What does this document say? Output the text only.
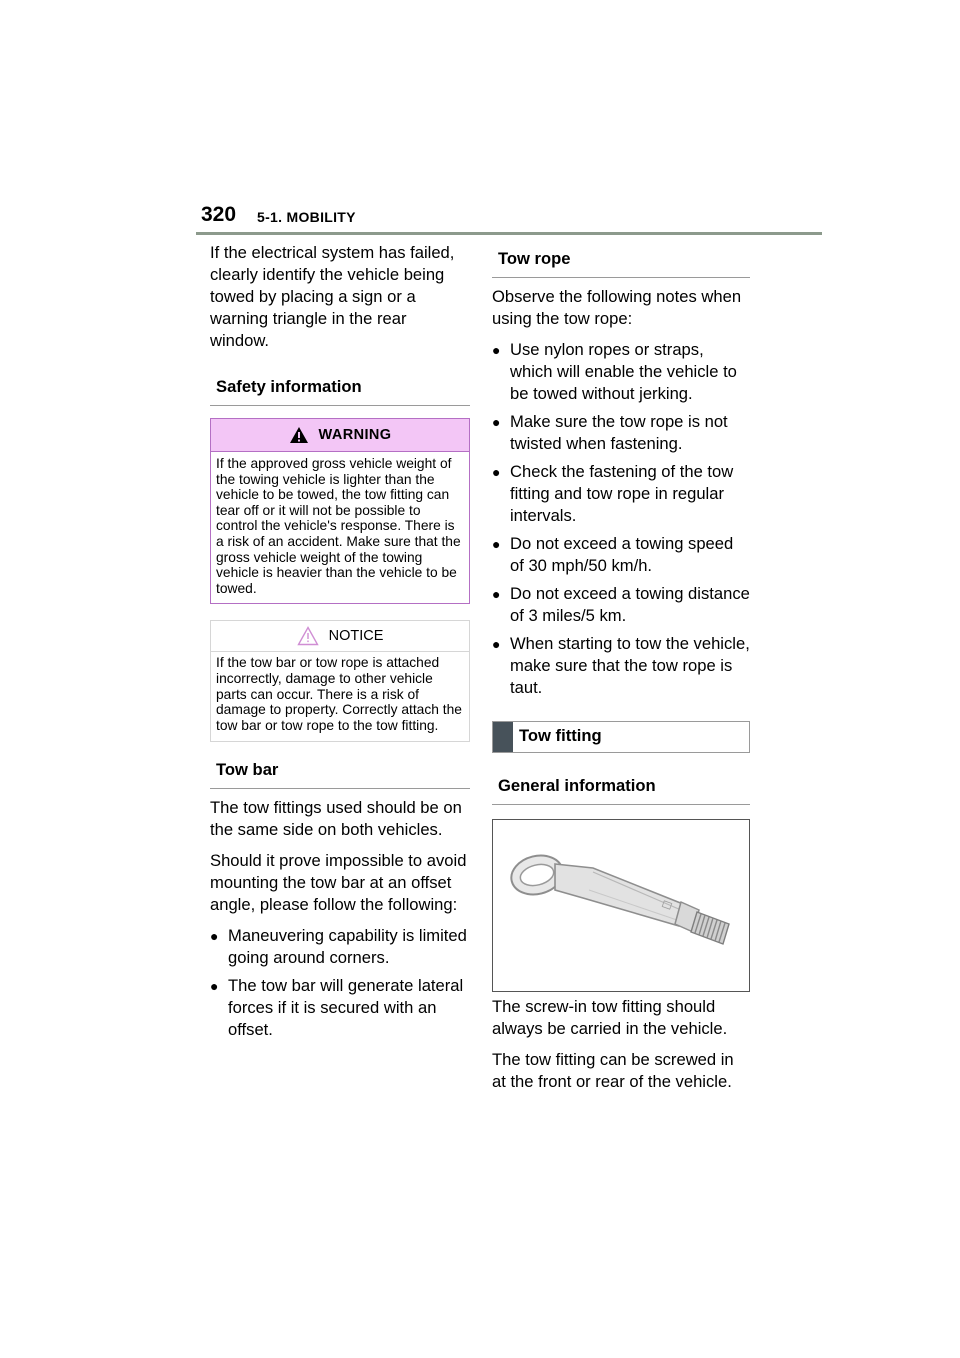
320 5-1. MOBILITY

If the electrical system has failed, clearly identify the vehicle being towed by placing a sign or a warning triangle in the rear window.

Safety information
WARNING
If the approved gross vehicle weight of the towing vehicle is lighter than the vehicle to be towed, the tow fitting can tear off or it will not be possible to control the vehicle's response. There is a risk of an accident. Make sure that the gross vehicle weight of the towing vehicle is heavier than the vehicle to be towed.
NOTICE
If the tow bar or tow rope is attached incorrectly, damage to other vehicle parts can occur. There is a risk of damage to property. Correctly attach the tow bar or tow rope to the tow fitting.
Tow bar

The tow fittings used should be on the same side on both vehicles.

Should it prove impossible to avoid mounting the tow bar at an offset angle, please follow the following:

● Maneuvering capability is limited going around corners.
● The tow bar will generate lateral forces if it is secured with an offset.
Tow rope

Observe the following notes when using the tow rope:

● Use nylon ropes or straps, which will enable the vehicle to be towed without jerking.
● Make sure the tow rope is not twisted when fastening.
● Check the fastening of the tow fitting and tow rope in regular intervals.
● Do not exceed a towing speed of 30 mph/50 km/h.
● Do not exceed a towing distance of 3 miles/5 km.
● When starting to tow the vehicle, make sure that the tow rope is taut.
Tow fitting
General information

The screw-in tow fitting should always be carried in the vehicle.

The tow fitting can be screwed in at the front or rear of the vehicle.
